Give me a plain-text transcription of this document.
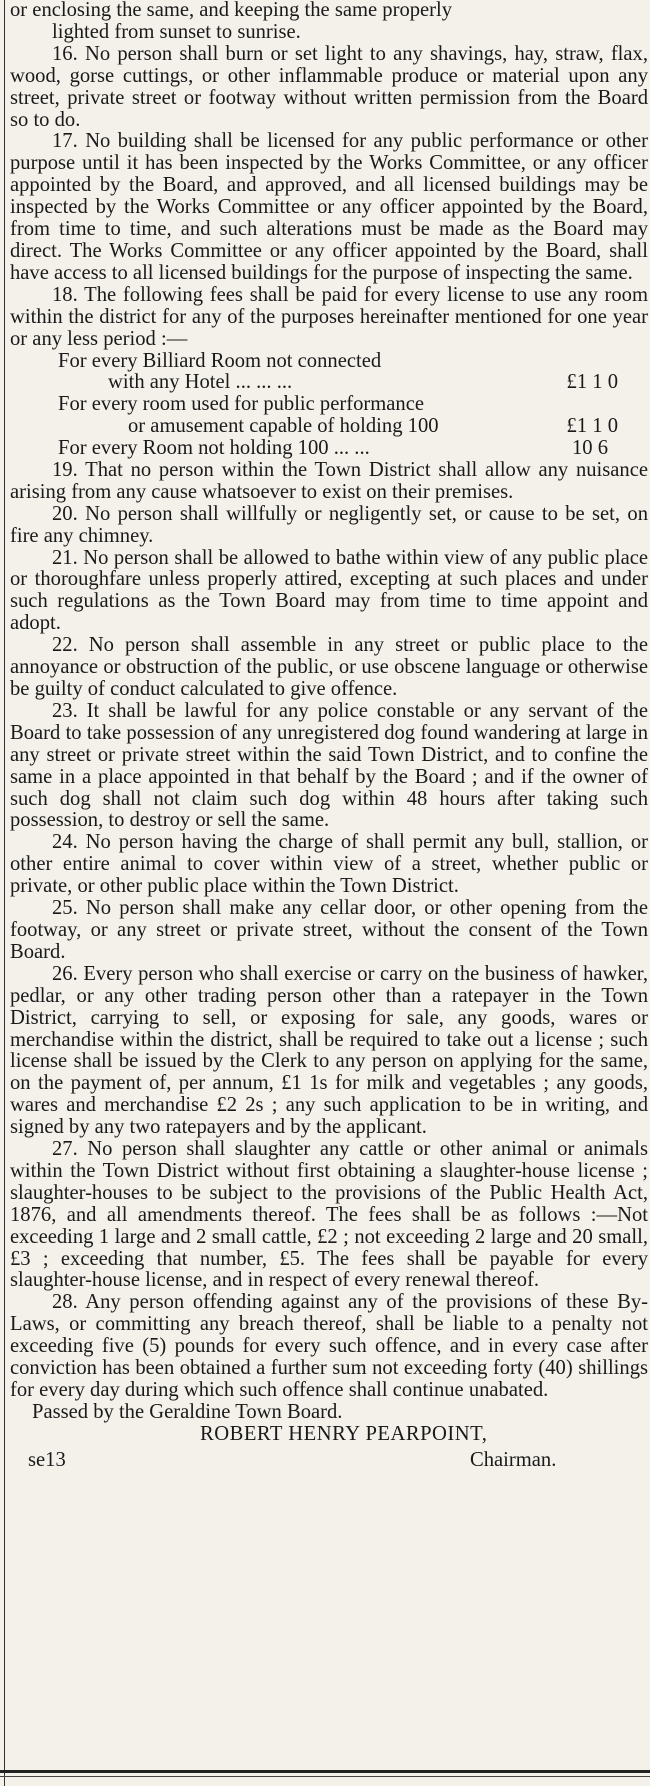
or enclosing the same, and keeping the same properly

lighted from sunset to sunrise.

16. No person shall burn or set light to any shavings, hay, straw, flax, wood, gorse cuttings, or other inflammable produce or material upon any street, private street or footway without written permission from the Board so to do.

17. No building shall be licensed for any public performance or other purpose until it has been inspected by the Works Committee, or any officer appointed by the Board, and approved, and all licensed buildings may be inspected by the Works Committee or any officer appointed by the Board, from time to time, and such alterations must be made as the Board may direct. The Works Committee or any officer appointed by the Board, shall have access to all licensed buildings for the purpose of inspecting the same.

18. The following fees shall be paid for every license to use any room within the district for any of the purposes hereinafter mentioned for one year or any less period :—

For every Billiard Room not connected
with any Hotel ... ... ...	£1 1 0
For every room used for public performance
or amusement capable of holding 100	£1 1 0
For every Room not holding 100 ... ...	10 6

19. That no person within the Town District shall allow any nuisance arising from any cause whatsoever to exist on their premises.

20. No person shall willfully or negligently set, or cause to be set, on fire any chimney.

21. No person shall be allowed to bathe within view of any public place or thoroughfare unless properly attired, excepting at such places and under such regulations as the Town Board may from time to time appoint and adopt.

22. No person shall assemble in any street or public place to the annoyance or obstruction of the public, or use obscene language or otherwise be guilty of conduct calculated to give offence.

23. It shall be lawful for any police constable or any servant of the Board to take possession of any unregistered dog found wandering at large in any street or private street within the said Town District, and to confine the same in a place appointed in that behalf by the Board ; and if the owner of such dog shall not claim such dog within 48 hours after taking such possession, to destroy or sell the same.

24. No person having the charge of shall permit any bull, stallion, or other entire animal to cover within view of a street, whether public or private, or other public place within the Town District.

25. No person shall make any cellar door, or other opening from the footway, or any street or private street, without the consent of the Town Board.

26. Every person who shall exercise or carry on the business of hawker, pedlar, or any other trading person other than a ratepayer in the Town District, carrying to sell, or exposing for sale, any goods, wares or merchandise within the district, shall be required to take out a license ; such license shall be issued by the Clerk to any person on applying for the same, on the payment of, per annum, £1 1s for milk and vegetables ; any goods, wares and merchandise £2 2s ; any such application to be in writing, and signed by any two ratepayers and by the applicant.

27. No person shall slaughter any cattle or other animal or animals within the Town District without first obtaining a slaughter-house license ; slaughter-houses to be subject to the provisions of the Public Health Act, 1876, and all amendments thereof. The fees shall be as follows :—Not exceeding 1 large and 2 small cattle, £2 ; not exceeding 2 large and 20 small, £3 ; exceeding that number, £5. The fees shall be payable for every slaughter-house license, and in respect of every renewal thereof.

28. Any person offending against any of the provisions of these By-Laws, or committing any breach thereof, shall be liable to a penalty not exceeding five (5) pounds for every such offence, and in every case after conviction has been obtained a further sum not exceeding forty (40) shillings for every day during which such offence shall continue unabated.

Passed by the Geraldine Town Board.

ROBERT HENRY PEARPOINT,

se13	Chairman.
